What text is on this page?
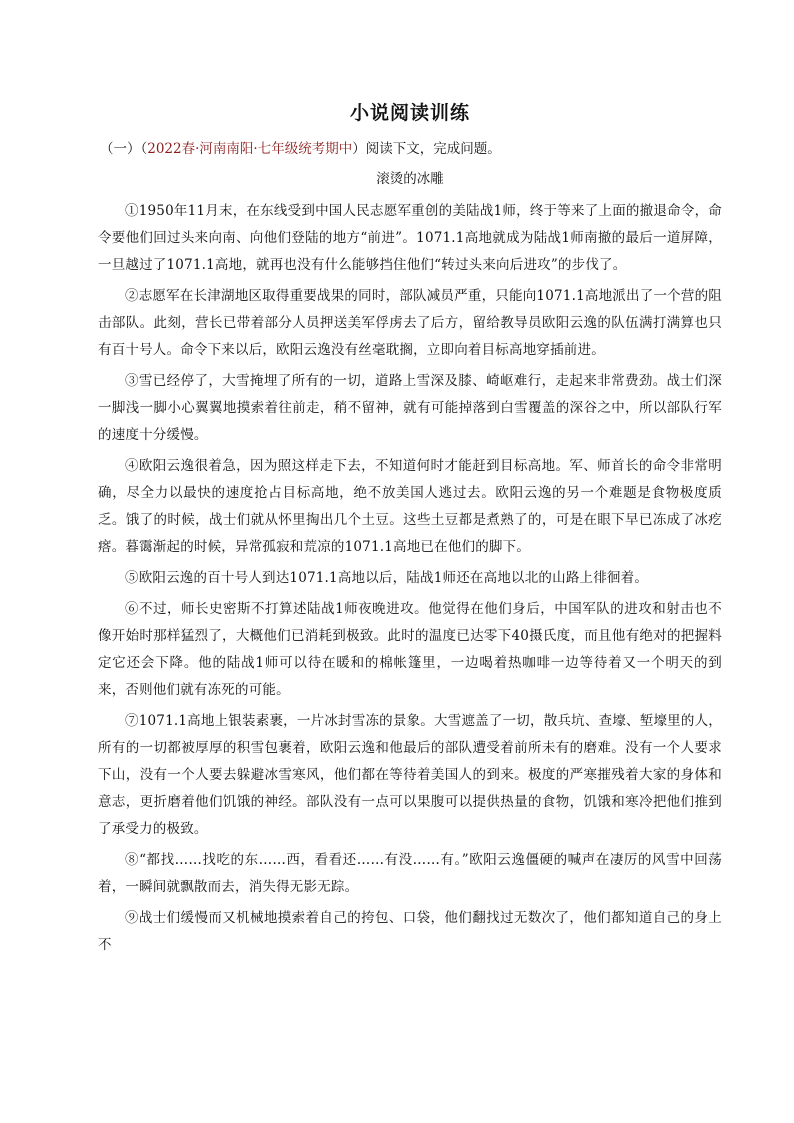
小说阅读训练
（一）（2022春·河南南阳·七年级统考期中）阅读下文，完成问题。
滚烫的冰雕

①1950年11月末，在东线受到中国人民志愿军重创的美陆战1师，终于等来了上面的撤退命令，命令要他们回过头来向南、向他们登陆的地方“前进”。1071.1高地就成为陆战1师南撤的最后一道屏障，一旦越过了1071.1高地，就再也没有什么能够挡住他们“转过头来向后进攻”的步伐了。

②志愿军在长津湖地区取得重要战果的同时，部队减员严重，只能向1071.1高地派出了一个营的阻击部队。此刻，营长已带着部分人员押送美军俘虏去了后方，留给教导员欧阳云逸的队伍满打满算也只有百十号人。命令下来以后，欧阳云逸没有丝毫耽搁，立即向着目标高地穿插前进。

③雪已经停了，大雪掩埋了所有的一切，道路上雪深及膝、崎岖难行，走起来非常费劲。战士们深一脚浅一脚小心翼翼地摸索着往前走，稍不留神，就有可能掉落到白雪覆盖的深谷之中，所以部队行军的速度十分缓慢。

④欧阳云逸很着急，因为照这样走下去，不知道何时才能赶到目标高地。军、师首长的命令非常明确，尽全力以最快的速度抢占目标高地，绝不放美国人逃过去。欧阳云逸的另一个难题是食物极度质乏。饿了的时候，战士们就从怀里掏出几个土豆。这些土豆都是煮熟了的，可是在眼下早已冻成了冰疙瘩。暮霭渐起的时候，异常孤寂和荒凉的1071.1高地已在他们的脚下。

⑤欧阳云逸的百十号人到达1071.1高地以后，陆战1师还在高地以北的山路上徘徊着。

⑥不过，师长史密斯不打算述陆战1师夜晚进攻。他觉得在他们身后，中国军队的进攻和射击也不像开始时那样猛烈了，大概他们已消耗到极致。此时的温度已达零下40摄氏度，而且他有绝对的把握料定它还会下降。他的陆战1师可以待在暖和的棉帐篷里，一边喝着热咖啡一边等待着又一个明天的到来，否则他们就有冻死的可能。

⑦1071.1高地上银装素裹，一片冰封雪冻的景象。大雪遮盖了一切，散兵坑、查壕、堑壕里的人，所有的一切都被厚厚的积雪包裹着，欧阳云逸和他最后的部队遭受着前所未有的磨难。没有一个人要求下山，没有一个人要去躲避冰雪寒风，他们都在等待着美国人的到来。极度的严寒摧残着大家的身体和意志，更折磨着他们饥饿的神经。部队没有一点可以果腹可以提供热量的食物，饥饿和寒冷把他们推到了承受力的极致。

⑧“都找……找吃的东……西，看看还……有没……有。”欧阳云逸僵硬的喊声在凄厉的风雪中回荡着，一瞬间就飘散而去，消失得无影无踪。

⑨战士们缓慢而又机械地摸索着自己的挎包、口袋，他们翻找过无数次了，他们都知道自己的身上不
